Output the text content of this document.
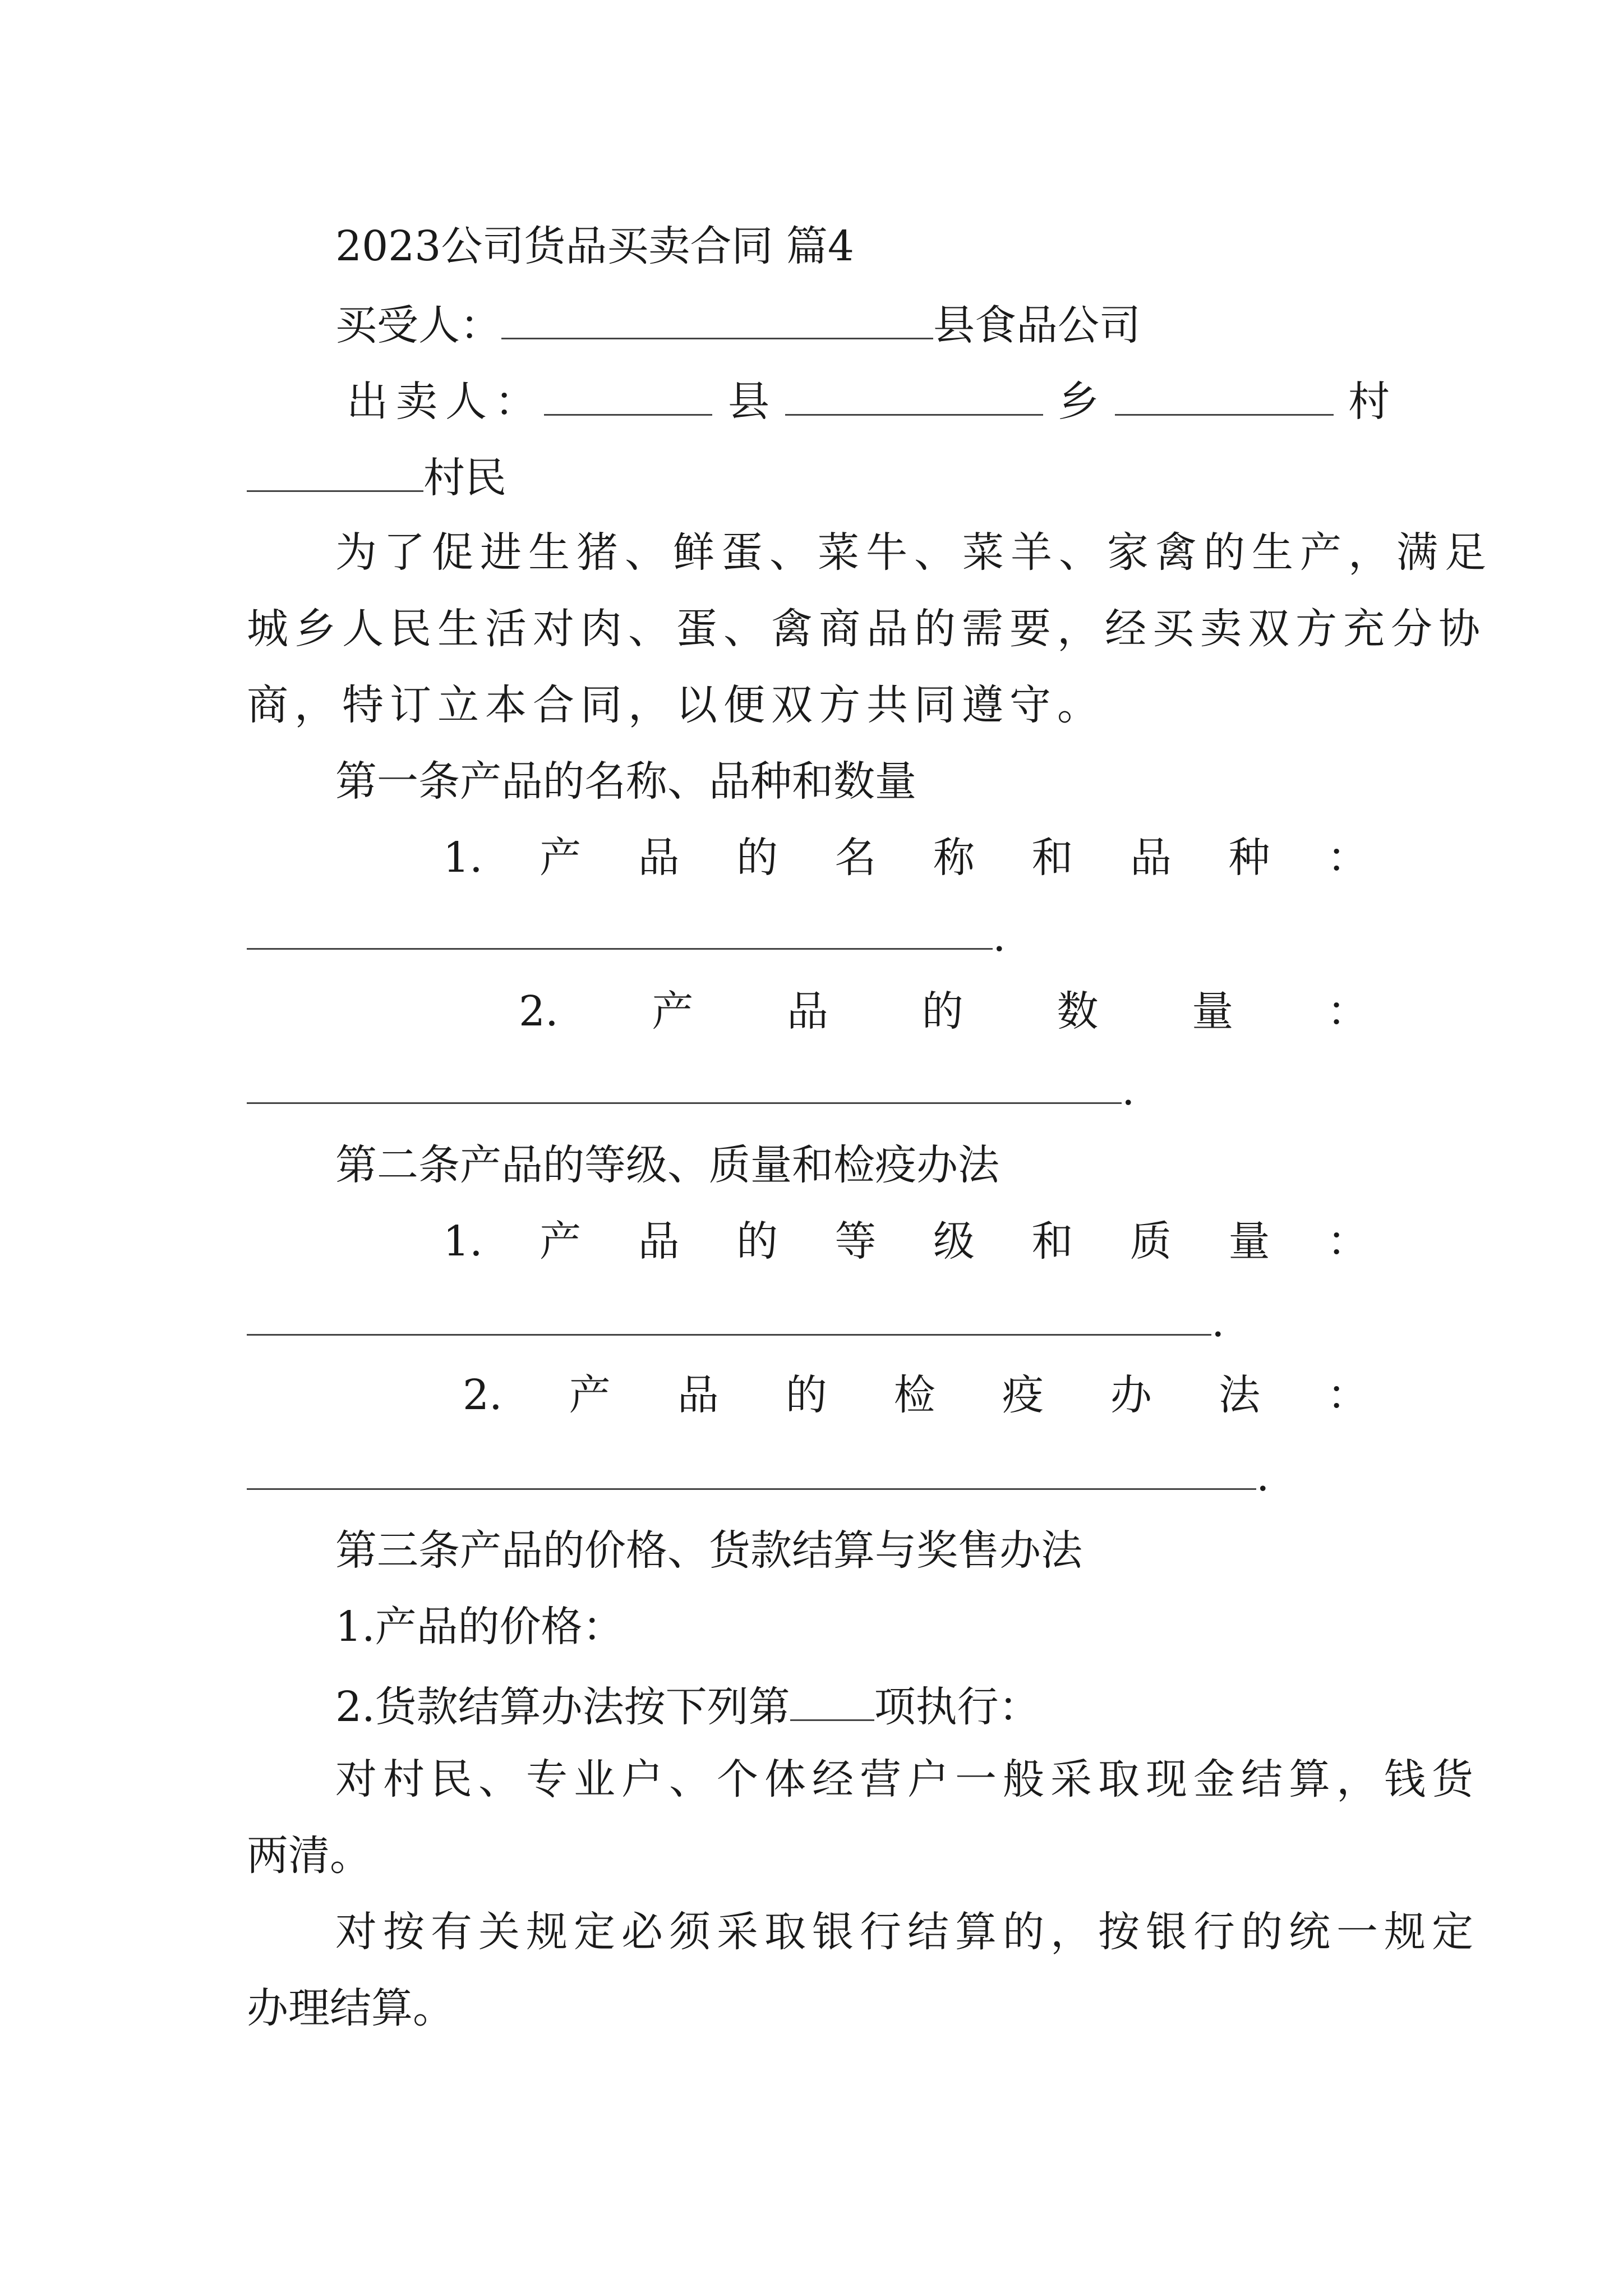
2023公司货品买卖合同 篇4
买受人：	县食品公司
出卖人：	县	乡	村
村民
为了促进生猪、鲜蛋、菜牛、菜羊、家禽的生产，满足
城乡人民生活对肉、蛋、禽商品的需要，经买卖双方充分协
商，特订立本合同，以便双方共同遵守。
第一条产品的名称、品种和数量
1. 产 品 的 名 称 和 品 种 ：
.
2. 产 品 的 数 量 ：
.
第二条产品的等级、质量和检疫办法
1. 产 品 的 等 级 和 质 量 ：
.
2. 产 品 的 检 疫 办 法 ：
.
第三条产品的价格、货款结算与奖售办法
1.产品的价格：
2.货款结算办法按下列第 项执行：
对村民、专业户、个体经营户一般采取现金结算，钱货
两清。
对按有关规定必须采取银行结算的，按银行的统一规定
办理结算。
